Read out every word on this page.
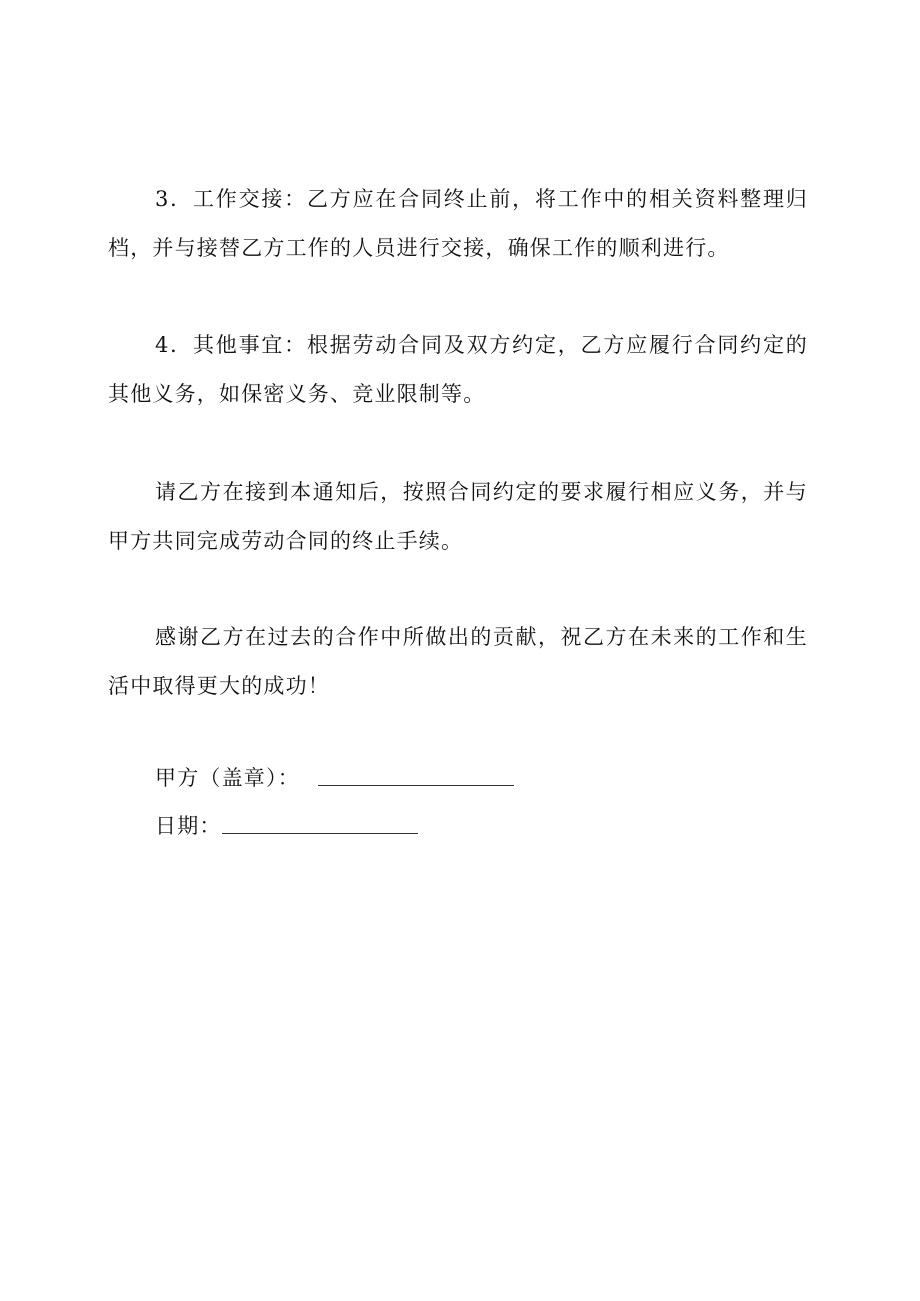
3．工作交接：乙方应在合同终止前，将工作中的相关资料整理归档，并与接替乙方工作的人员进行交接，确保工作的顺利进行。

4．其他事宜：根据劳动合同及双方约定，乙方应履行合同约定的其他义务，如保密义务、竞业限制等。

请乙方在接到本通知后，按照合同约定的要求履行相应义务，并与甲方共同完成劳动合同的终止手续。

感谢乙方在过去的合作中所做出的贡献，祝乙方在未来的工作和生活中取得更大的成功！

甲方（盖章）：
日期：
